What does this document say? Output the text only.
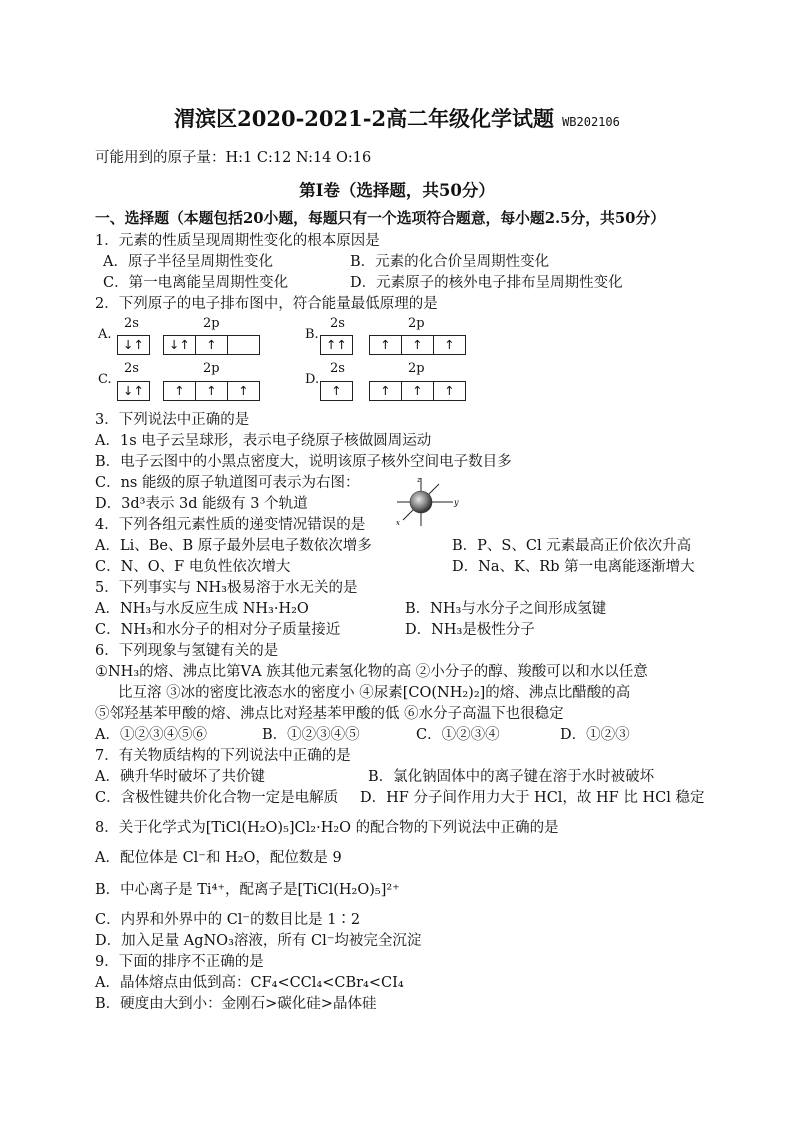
渭滨区2020-2021-2高二年级化学试题 WB202106
可能用到的原子量：H:1 C:12 N:14 O:16
第Ⅰ卷（选择题，共50分）
一、选择题（本题包括20小题，每题只有一个选项符合题意，每小题2.5分，共50分）
1．元素的性质呈现周期性变化的根本原因是
A．原子半径呈周期性变化	B．元素的化合价呈周期性变化
C．第一电离能呈周期性变化	D．元素原子的核外电子排布呈周期性变化
2．下列原子的电子排布图中，符合能量最低原理的是
A.
2s	2p
↓↑	↓↑	↑
B.
2s	2p
↑↑	↑	↑	↑
C.
2s	2p
↓↑	↑	↑	↑
D.
2s	2p
↑	↑	↑	↑
3．下列说法中正确的是
A．1s 电子云呈球形，表示电子绕原子核做圆周运动
B．电子云图中的小黑点密度大，说明该原子核外空间电子数目多
C．ns 能级的原子轨道图可表示为右图：
D．3d³表示 3d 能级有 3 个轨道
z
y
x
4．下列各组元素性质的递变情况错误的是
A．Li、Be、B 原子最外层电子数依次增多	B．P、S、Cl 元素最高正价依次升高
C．N、O、F 电负性依次增大	D．Na、K、Rb 第一电离能逐渐增大
5．下列事实与 NH₃极易溶于水无关的是
A．NH₃与水反应生成 NH₃·H₂O	B．NH₃与水分子之间形成氢键
C．NH₃和水分子的相对分子质量接近	D．NH₃是极性分子
6．下列现象与氢键有关的是
①NH₃的熔、沸点比第ⅤA 族其他元素氢化物的高 ②小分子的醇、羧酸可以和水以任意
比互溶 ③冰的密度比液态水的密度小 ④尿素[CO(NH₂)₂]的熔、沸点比醋酸的高
⑤邻羟基苯甲酸的熔、沸点比对羟基苯甲酸的低 ⑥水分子高温下也很稳定
A．①②③④⑤⑥	B．①②③④⑤	C．①②③④	D．①②③
7．有关物质结构的下列说法中正确的是
A．碘升华时破坏了共价键	B．氯化钠固体中的离子键在溶于水时被破坏
C．含极性键共价化合物一定是电解质 D．HF 分子间作用力大于 HCl，故 HF 比 HCl 稳定
8．关于化学式为[TiCl(H₂O)₅]Cl₂·H₂O 的配合物的下列说法中正确的是
A．配位体是 Cl⁻和 H₂O，配位数是 9
B．中心离子是 Ti⁴⁺，配离子是[TiCl(H₂O)₅]²⁺
C．内界和外界中的 Cl⁻的数目比是 1∶2
D．加入足量 AgNO₃溶液，所有 Cl⁻均被完全沉淀
9．下面的排序不正确的是
A．晶体熔点由低到高：CF₄<CCl₄<CBr₄<CI₄
B．硬度由大到小：金刚石>碳化硅>晶体硅
